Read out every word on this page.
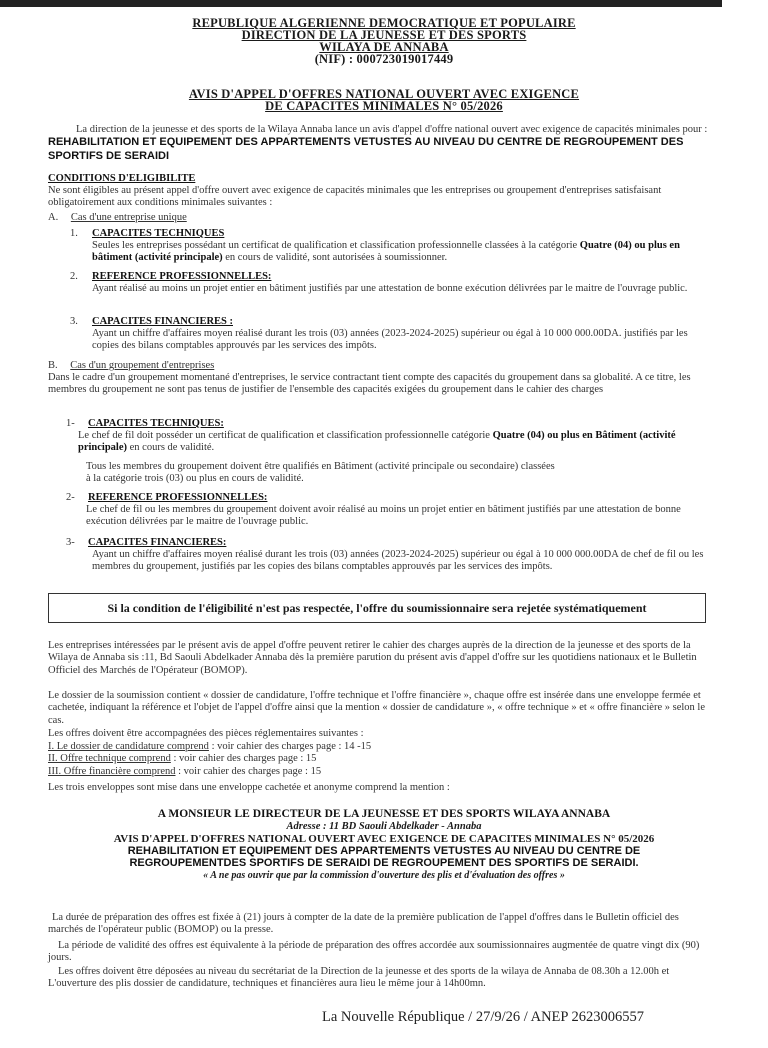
REPUBLIQUE ALGERIENNE DEMOCRATIQUE ET POPULAIRE
DIRECTION DE LA JEUNESSE ET DES SPORTS
WILAYA DE ANNABA
(NIF) : 000723019017449
AVIS D'APPEL D'OFFRES NATIONAL OUVERT AVEC EXIGENCE
DE CAPACITES MINIMALES N° 05/2026
La direction de la jeunesse et des sports de la Wilaya Annaba lance un avis d'appel d'offre national ouvert avec exigence de capacités minimales pour : REHABILITATION ET EQUIPEMENT DES APPARTEMENTS VETUSTES AU NIVEAU DU CENTRE DE REGROUPEMENT DES SPORTIFS DE SERAIDI
CONDITIONS D'ELIGIBILITE
Ne sont éligibles au présent appel d'offre ouvert avec exigence de capacités minimales que les entreprises ou groupement d'entreprises satisfaisant obligatoirement aux conditions minimales suivantes :
A. Cas d'une entreprise unique
1. CAPACITES TECHNIQUES
Seules les entreprises possédant un certificat de qualification et classification professionnelle classées à la catégorie Quatre (04) ou plus en bâtiment (activité principale) en cours de validité, sont autorisées à soumissionner.
2. REFERENCE PROFESSIONNELLES:
Ayant réalisé au moins un projet entier en bâtiment justifiés par une attestation de bonne exécution délivrées par le maitre de l'ouvrage public.
3. CAPACITES FINANCIERES :
Ayant un chiffre d'affaires moyen réalisé durant les trois (03) années (2023-2024-2025) supérieur ou égal à 10 000 000.00DA. justifiés par les copies des bilans comptables approuvés par les services des impôts.
B. Cas d'un groupement d'entreprises
Dans le cadre d'un groupement momentané d'entreprises, le service contractant tient compte des capacités du groupement dans sa globalité. A ce titre, les membres du groupement ne sont pas tenus de justifier de l'ensemble des capacités exigées du groupement dans le cahier des charges
1- CAPACITES TECHNIQUES:
Le chef de fil doit posséder un certificat de qualification et classification professionnelle catégorie Quatre (04) ou plus en Bâtiment (activité principale) en cours de validité.
Tous les membres du groupement doivent être qualifiés en Bâtiment (activité principale ou secondaire) classées à la catégorie trois (03) ou plus en cours de validité.
2- REFERENCE PROFESSIONNELLES:
Le chef de fil ou les membres du groupement doivent avoir réalisé au moins un projet entier en bâtiment justifiés par une attestation de bonne exécution délivrées par le maitre de l'ouvrage public.
3- CAPACITES FINANCIERES:
Ayant un chiffre d'affaires moyen réalisé durant les trois (03) années (2023-2024-2025) supérieur ou égal à 10 000 000.00DA de chef de fil ou les membres du groupement, justifiés par les copies des bilans comptables approuvés par les services des impôts.
Si la condition de l'éligibilité n'est pas respectée, l'offre du soumissionnaire sera rejetée systématiquement
Les entreprises intéressées par le présent avis de appel d'offre peuvent retirer le cahier des charges auprès de la direction de la jeunesse et des sports de la Wilaya de Annaba sis :11, Bd Saouli Abdelkader Annaba dès la première parution du présent avis d'appel d'offre sur les quotidiens nationaux et le Bulletin Officiel des Marchés de l'Opérateur (BOMOP).
Le dossier de la soumission contient « dossier de candidature, l'offre technique et l'offre financière », chaque offre est insérée dans une enveloppe fermée et cachetée, indiquant la référence et l'objet de l'appel d'offre ainsi que la mention « dossier de candidature », « offre technique » et « offre financière » selon le cas.
Les offres doivent être accompagnées des pièces réglementaires suivantes :
I. Le dossier de candidature comprend : voir cahier des charges page : 14 -15
II. Offre technique comprend : voir cahier des charges page : 15
III. Offre financière comprend : voir cahier des charges page : 15
Les trois enveloppes sont mise dans une enveloppe cachetée et anonyme comprend la mention :
A MONSIEUR LE DIRECTEUR DE LA JEUNESSE ET DES SPORTS WILAYA ANNABA
Adresse : 11 BD Saouli Abdelkader - Annaba
AVIS D'APPEL D'OFFRES NATIONAL OUVERT AVEC EXIGENCE DE CAPACITES MINIMALES N° 05/2026
REHABILITATION ET EQUIPEMENT DES APPARTEMENTS VETUSTES AU NIVEAU DU CENTRE DE
REGROUPEMENTDES SPORTIFS DE SERAIDI DE REGROUPEMENT DES SPORTIFS DE SERAIDI.
« A ne pas ouvrir que par la commission d'ouverture des plis et d'évaluation des offres »
La durée de préparation des offres est fixée à (21) jours à compter de la date de la première publication de l'appel d'offres dans le Bulletin officiel des marchés de l'opérateur public (BOMOP) ou la presse.
La période de validité des offres est équivalente à la période de préparation des offres accordée aux soumissionnaires augmentée de quatre vingt dix (90) jours.
Les offres doivent être déposées au niveau du secrétariat de la Direction de la jeunesse et des sports de la wilaya de Annaba de 08.30h a 12.00h et L'ouverture des plis dossier de candidature, techniques et financières aura lieu le même jour à 14h00mn.
La Nouvelle République / 27/9/26 / ANEP 2623006557
